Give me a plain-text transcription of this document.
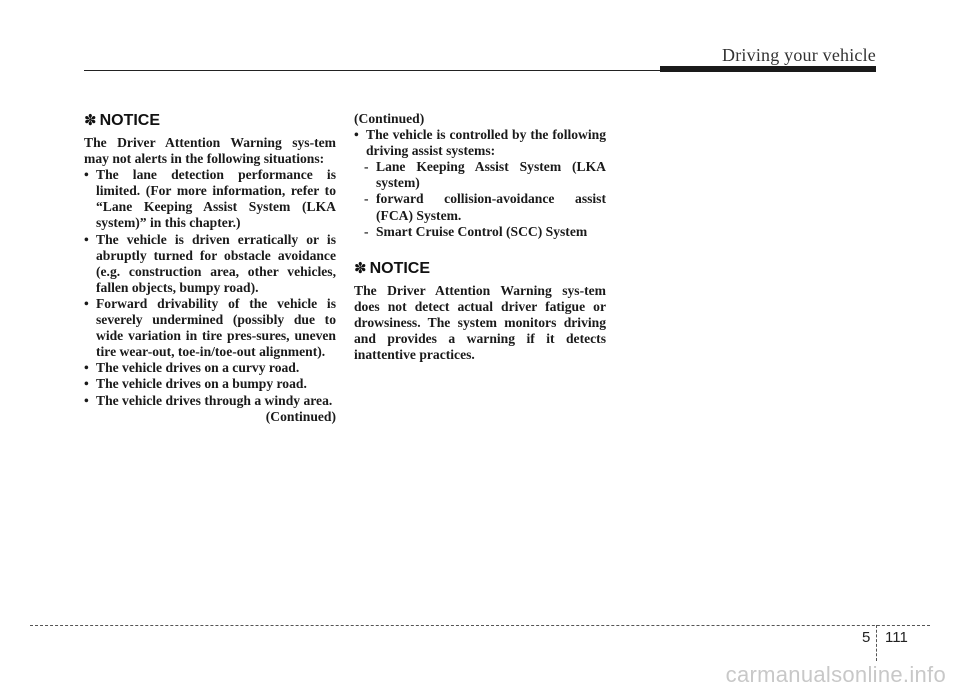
Driving your vehicle
✽ NOTICE

The Driver Attention Warning sys-tem may not alerts in the following situations:

• The lane detection performance is limited. (For more information, refer to “Lane Keeping Assist System (LKA system)” in this chapter.)

• The vehicle is driven erratically or is abruptly turned for obstacle avoidance (e.g. construction area, other vehicles, fallen objects, bumpy road).

• Forward drivability of the vehicle is severely undermined (possibly due to wide variation in tire pres-sures, uneven tire wear-out, toe-in/toe-out alignment).

• The vehicle drives on a curvy road.

• The vehicle drives on a bumpy road.

• The vehicle drives through a windy area.

(Continued)

(Continued)

• The vehicle is controlled by the following driving assist systems:

- Lane Keeping Assist System (LKA system)

- forward collision-avoidance assist (FCA) System.

- Smart Cruise Control (SCC) System

✽ NOTICE

The Driver Attention Warning sys-tem does not detect actual driver fatigue or drowsiness. The system monitors driving and provides a warning if it detects inattentive practices.

5 111
carmanualsonline.info
